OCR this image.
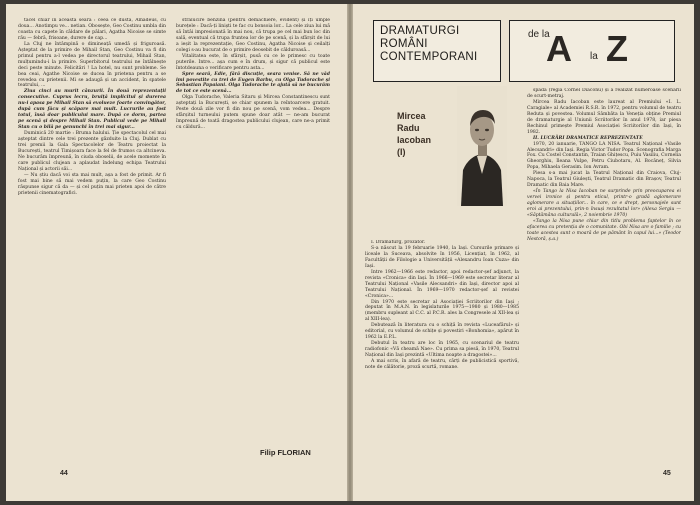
tacel chiar în această seară : ceea ce dusta, Amadeus, cu doua... Anotimpu ve... netian. Obosește, Geo Costinu umbla din coasta cu capete în căldare de pălari, Agatha Nicoise se simte rău — febră, frisoane, durere de cap...

La Cluj ne întâmpină o dimineață umedă și friguroasă. Așteptat de la primire de Mihail Stan, Geo Costinu va fi din primul pentru a-l vedea pe directorul teatrului, Mihail Stan, mulțumindu-i la primire. Superbitorul teatrului ne întâlnește deci peste minute. Felicitări ! La hotel, nu sunt probleme. Se bea ceai, Agathe Nicoise se ducea în prietena pentru a se revedea cu prietenii. Mi se adaugă și un accident, în spatele teatrului, ...

Ziua cinci au murit cânzurii. În două reprezentații consecutive. Cuprus lecru, bruiță implicitul și durerea nu-i apasa pe Mihail Stan să evolueze foarte convingător, după cum făcu și scăpare mai mult. Lucrurile au fost totul, însă doar publicului mare. După ce dorm, partea pe scenă și despre Mihail Stan. Publicul vede pe Mihail Stan cu o bilă pe genunchi în trei mai sigur...

Duminică 20 martie : Bruma halului. Ție spectacolul cel mai așteptat dintre cele trei prezente găzduite la Cluj. Dublat cu trei premii la Gala Spectacolelor de Teatru proiectat la București, teatrul Timișoara face la fel de frumos ca altcineva. Ne bucurăm împreună, în ciuda oboselii, de acele momente în care publicul clujean a aplaudat îndelung echipa Teatrului Național și actorii săi...

— Nu știu dacă voi sta mai mult, așa a fost de primit. Ar fi fost mai bine să mai vedem puțin, la care Geo Costinu răspunse sigur că da — și cel puțin mai prieten apoi de către prietenii cinematografici.

strălucire benzină (pentru demachiere, evident) și îți umple burețele : Dacă-ți liniști te fac cu bonsoia lor... La cele ziua lui mă să întâi impresionată în mai nou, că trupa pe cel mai bun loc din sală, eventual că trupa fruntea lor de pe scenă, și la sfârșit de lui a ieșit la reprezentație, Geo Costinu, Agatha Nicoise și ceilalți colegi s-au bucurat de o primire deosebit de călduroasă...

Vitalitatea este, în sfârșit, pusă cu ce le primesc cu toate puterile. Intre... așa cum e în drum, și sigur că publicul este întotdeauna o verificare pentru asta...

Spre seară, Edie, fără discuție, seara venise. Să ne văd imi povestite cu trei de Eugen Barbu, cu Olga Tudorache și Sebastian Papaiani. Olga Tudorache te ajută să ne bucurăm de tot ce este scenă...

Olga Tudorache, Valeria Sitaru și Mircea Constantinescu sunt așteptați la București, se chiar spunem la reîntoarcere gratuit. Peste două zile vor fi din nou pe scenă, vom vedea... Despre sfârșitul turneului putem spune doar atât — ne-am bucurat împreună de toată dragostea publicului clujean, care ne-a primit cu căldură...

Filip FLORIAN
44
DRAMATURGI
ROMÂNI
CONTEMPORANI
de la
A la Z
Mircea
Radu
Iacoban
(I)

I. Dramaturg, prozator.

S-a născut la 19 februarie 1940, la Iași. Cursurile primare și liceale la Suceava, absolvite în 1956, Licențiat, în 1962, al Facultății de Filologie a Universității «Alexandru Ioan Cuza» din Iași.

Intre 1962—1966 este redactor, apoi redactor-șef adjunct, la revista «Cronica» din Iași. În 1966—1969 este secretar literar al Teatrului Național «Vasile Alecsandri» din Iași, director apoi al Teatrului Național. În 1969—1970 redactor-șef al revistei «Cronica»...

Din 1970 este secretar al Asociației Scriitorilor din Iași ; deputat în M.A.N. în legislaturile 1975—1980 și 1980—1985 (membru supleant al C.C. al P.C.R. ales la Congresele al XII-lea și al XIII-lea).

Debutează în literatura cu o schiță în revista «Luceafărul» și editorial, cu volumul de schițe și povestiri «Bonhomia», apărut în 1962 la E.P.L.

Debutul în teatru are loc în 1965, cu scenariul de teatru radiofonic «Vă cheamă Nae». Cu prima sa piesă, în 1970, Teatrul Național din Iași prezintă «Ultima noapte a dragostei»...

A mai scris, în afară de teatru, cărți de publicistică sportivă, note de călătorie, proză scurtă, romane.

spada (regia Cornel Diaconu) și a realizat numeroase scenarii de scurt-metraj.

Mircea Radu Iacoban este laureat al Premiului «I. L. Caragiale» al Academiei R.S.R. în 1972, pentru volumul de teatru Reduta și povestea. Volumul Sâmbăta la Veneția obține Premiul de dramaturgie al Uniunii Scriitorilor în anul 1978, iar piesa Rechinul primește Premiul Asociației Scriitorilor din Iași, în 1982.

II. LUCRĂRI DRAMATICE REPREZENTATE

1970, 20 ianuarie, TANGO LA NISA. Teatrul Național «Vasile Alecsandri» din Iași. Regia Victor Tudor Popa. Scenografia Marga Fox. Cu Costel Constantin, Traian Ghițescu, Puiu Vasiliu, Cornelia Gheorghiu, Ileana Vulpe, Petru Ciubotaru, Al. Bocăneț, Silvia Popa, Mihaela Gerasim. Ion Avram.

Piesa s-a mai jucat la Teatrul Național din Craiova, Cluj-Napoca, la Teatrul Giulești, Teatrul Dramatic din Brașov, Teatrul Dramatic din Baia Mare.

«În Tango la Nisa Iacoban ne surprinde prin preocuparea ei vervei ironice și pentru eticul, printr-o gradă aglomerare aglomerare a situațiilor... în care, ce e drept, personajele sunt eroi ai prezentului, prin-n însuși rezultatul lor» (Alexa Sergiu — «Săptămâna culturală», 2 noiembrie 1970)

«Tango la Nisa pune chiar din titlu problema faptelor în ce afacerea cu pretenția de o comunitate. Obi Nisa are o familie ; cu toate acestea sunt o moară de pe pământ în capul lui...» (Teodor Nestoră, ș.a.)

45
